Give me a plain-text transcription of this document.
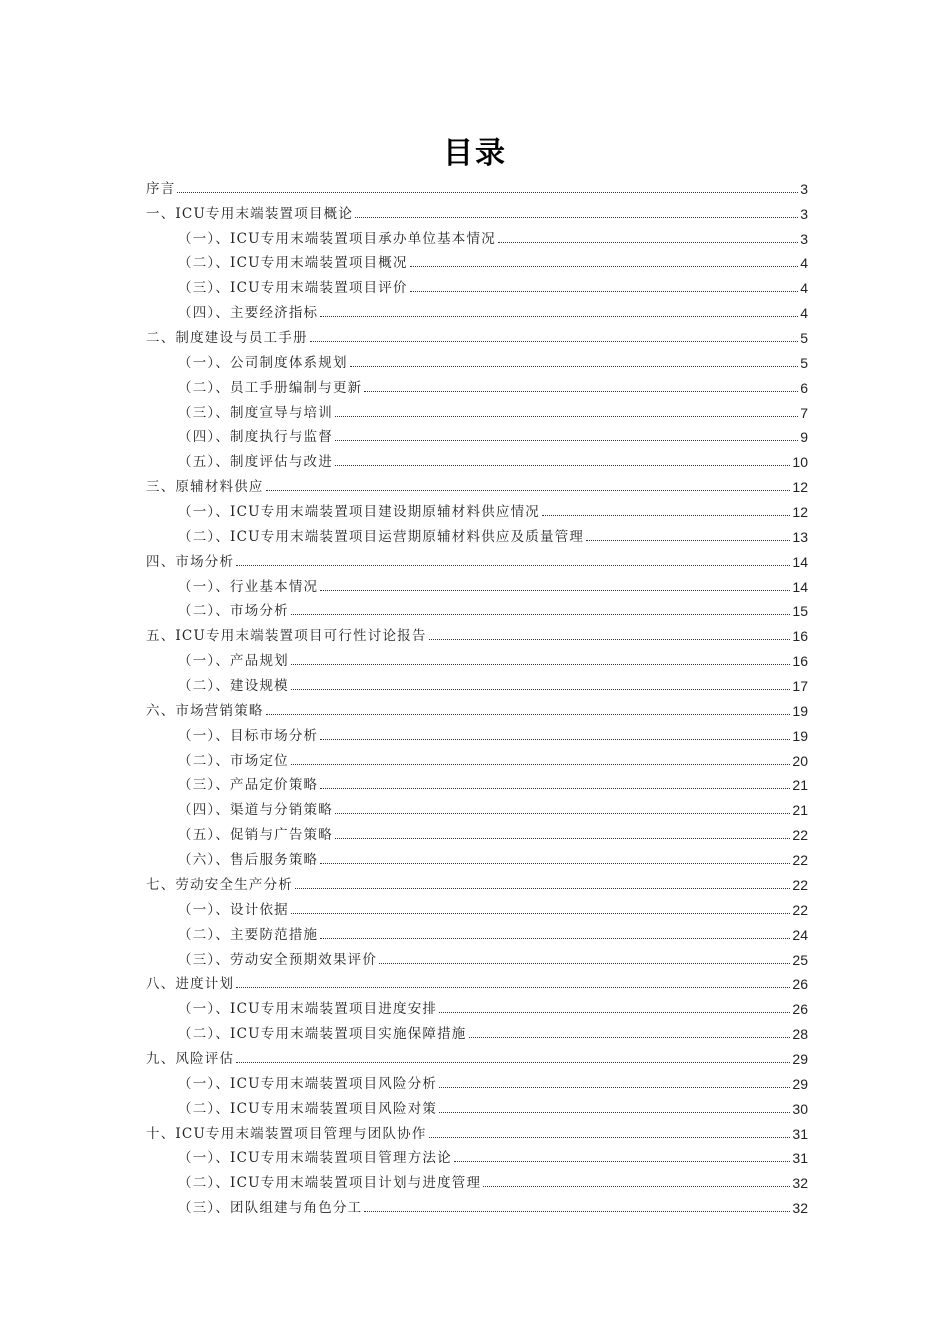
目录
序言	3
一、ICU专用末端装置项目概论	3
（一）、ICU专用末端装置项目承办单位基本情况	3
（二）、ICU专用末端装置项目概况	4
（三）、ICU专用末端装置项目评价	4
（四）、主要经济指标	4
二、制度建设与员工手册	5
（一）、公司制度体系规划	5
（二）、员工手册编制与更新	6
（三）、制度宣导与培训	7
（四）、制度执行与监督	9
（五）、制度评估与改进	10
三、原辅材料供应	12
（一）、ICU专用末端装置项目建设期原辅材料供应情况	12
（二）、ICU专用末端装置项目运营期原辅材料供应及质量管理	13
四、市场分析	14
（一）、行业基本情况	14
（二）、市场分析	15
五、ICU专用末端装置项目可行性讨论报告	16
（一）、产品规划	16
（二）、建设规模	17
六、市场营销策略	19
（一）、目标市场分析	19
（二）、市场定位	20
（三）、产品定价策略	21
（四）、渠道与分销策略	21
（五）、促销与广告策略	22
（六）、售后服务策略	22
七、劳动安全生产分析	22
（一）、设计依据	22
（二）、主要防范措施	24
（三）、劳动安全预期效果评价	25
八、进度计划	26
（一）、ICU专用末端装置项目进度安排	26
（二）、ICU专用末端装置项目实施保障措施	28
九、风险评估	29
（一）、ICU专用末端装置项目风险分析	29
（二）、ICU专用末端装置项目风险对策	30
十、ICU专用末端装置项目管理与团队协作	31
（一）、ICU专用末端装置项目管理方法论	31
（二）、ICU专用末端装置项目计划与进度管理	32
（三）、团队组建与角色分工	32
